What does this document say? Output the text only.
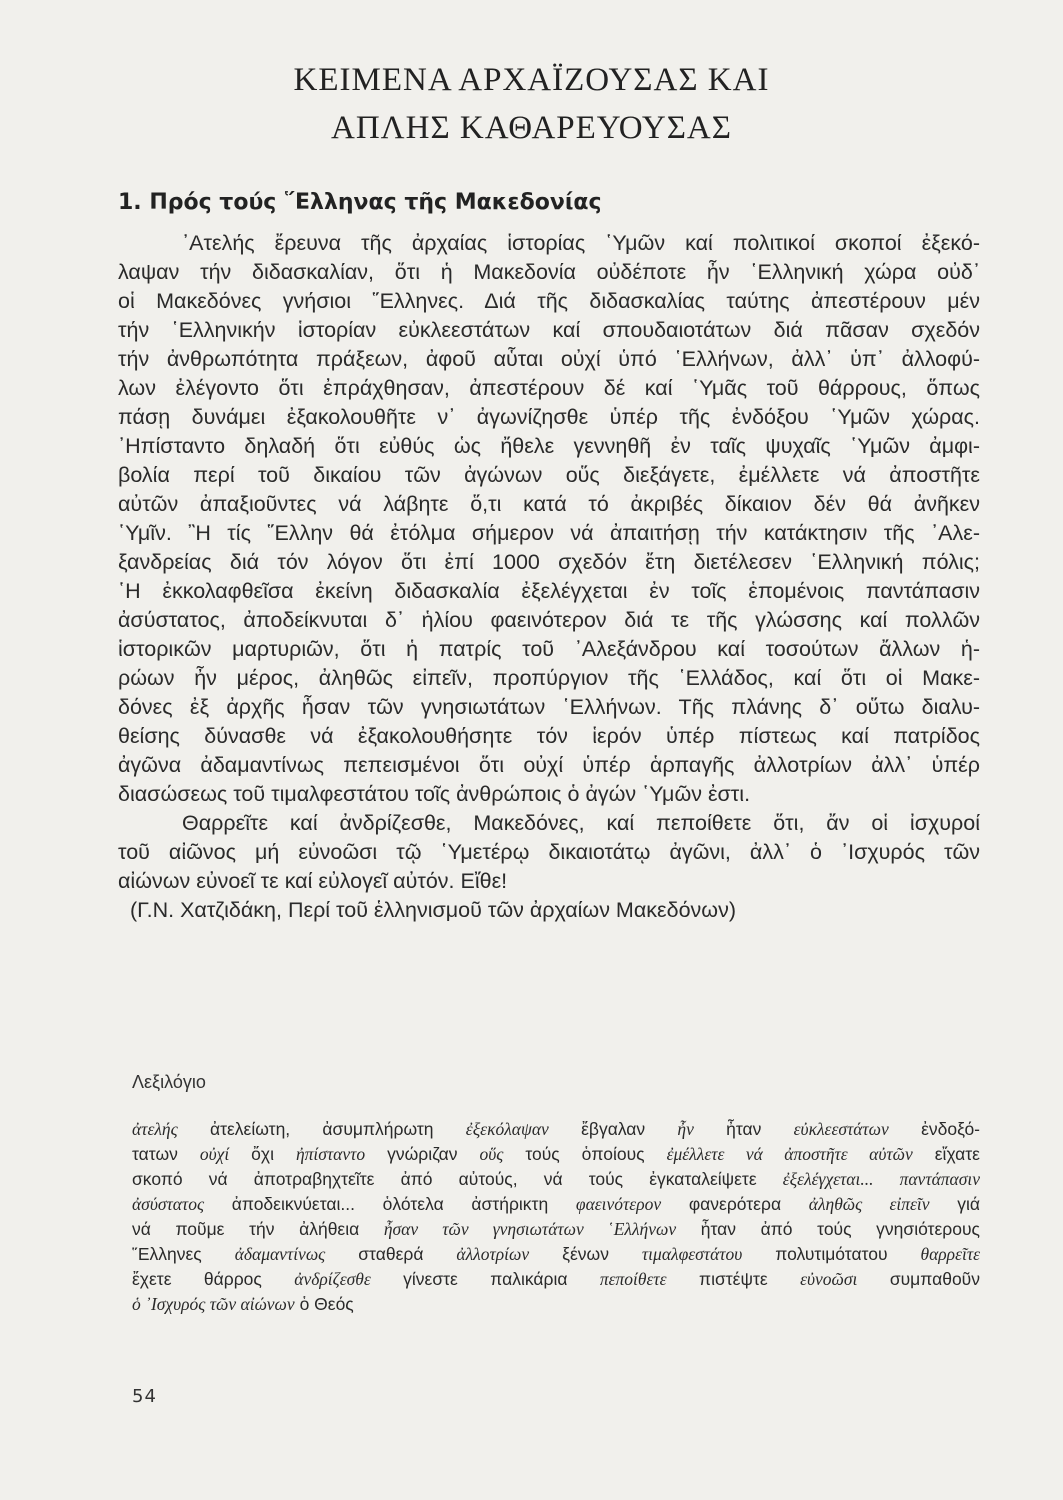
ΚΕΙΜΕΝΑ ΑΡΧΑΪΖΟΥΣΑΣ ΚΑΙ
ΑΠΛΗΣ ΚΑΘΑΡΕΥΟΥΣΑΣ
1. Πρός τούς ῞Ελληνας τῆς Μακεδονίας
᾿Ατελής ἔρευνα τῆς ἀρχαίας ἱστορίας ῾Υμῶν καί πολιτικοί σκοποί ἐξεκό-
λαψαν τήν διδασκαλίαν, ὅτι ἡ Μακεδονία οὐδέποτε ἦν ῾Ελληνική χώρα οὐδ᾿
οἱ Μακεδόνες γνήσιοι ῞Ελληνες. Διά τῆς διδασκαλίας ταύτης ἀπεστέρουν μέν
τήν ῾Ελληνικήν ἱστορίαν εὐκλεεστάτων καί σπουδαιοτάτων διά πᾶσαν σχεδόν
τήν ἀνθρωπότητα πράξεων, ἀφοῦ αὗται οὐχί ὑπό ῾Ελλήνων, ἀλλ᾿ ὑπ᾿ ἀλλοφύ-
λων ἐλέγοντο ὅτι ἐπράχθησαν, ἀπεστέρουν δέ καί ῾Υμᾶς τοῦ θάρρους, ὅπως
πάσῃ δυνάμει ἐξακολουθῆτε ν᾿ ἀγωνίζησθε ὑπέρ τῆς ἐνδόξου ῾Υμῶν χώρας.
᾿Ηπίσταντο δηλαδή ὅτι εὐθύς ὡς ἤθελε γεννηθῆ ἐν ταῖς ψυχαῖς ῾Υμῶν ἀμφι-
βολία περί τοῦ δικαίου τῶν ἀγώνων οὕς διεξάγετε, ἐμέλλετε νά ἀποστῆτε
αὐτῶν ἀπαξιοῦντες νά λάβητε ὅ,τι κατά τό ἀκριβές δίκαιον δέν θά ἀνῆκεν
῾Υμῖν. ῍Η τίς ῞Ελλην θά ἐτόλμα σήμερον νά ἀπαιτήσῃ τήν κατάκτησιν τῆς ᾿Αλε-
ξανδρείας διά τόν λόγον ὅτι ἐπί 1000 σχεδόν ἔτη διετέλεσεν ῾Ελληνική πόλις;
῾Η ἐκκολαφθεῖσα ἐκείνη διδασκαλία ἐξελέγχεται ἐν τοῖς ἑπομένοις παντάπασιν
ἀσύστατος, ἀποδείκνυται δ᾿ ἡλίου φαεινότερον διά τε τῆς γλώσσης καί πολλῶν
ἱστορικῶν μαρτυριῶν, ὅτι ἡ πατρίς τοῦ ᾿Αλεξάνδρου καί τοσούτων ἄλλων ἡ-
ρώων ἦν μέρος, ἀληθῶς εἰπεῖν, προπύργιον τῆς ῾Ελλάδος, καί ὅτι οἱ Μακε-
δόνες ἐξ ἀρχῆς ἦσαν τῶν γνησιωτάτων ῾Ελλήνων. Τῆς πλάνης δ᾿ οὕτω διαλυ-
θείσης δύνασθε νά ἐξακολουθήσητε τόν ἱερόν ὑπέρ πίστεως καί πατρίδος
ἀγῶνα ἀδαμαντίνως πεπεισμένοι ὅτι οὐχί ὑπέρ ἁρπαγῆς ἀλλοτρίων ἀλλ᾿ ὑπέρ
διασώσεως τοῦ τιμαλφεστάτου τοῖς ἀνθρώποις ὁ ἀγών ῾Υμῶν ἐστι.
Θαρρεῖτε καί ἀνδρίζεσθε, Μακεδόνες, καί πεποίθετε ὅτι, ἄν οἱ ἰσχυροί
τοῦ αἰῶνος μή εὐνοῶσι τῷ ῾Υμετέρῳ δικαιοτάτῳ ἀγῶνι, ἀλλ᾿ ὁ ᾿Ισχυρός τῶν
αἰώνων εὐνοεῖ τε καί εὐλογεῖ αὐτόν. Εἴθε!
(Γ.Ν. Χατζιδάκη, Περί τοῦ ἑλληνισμοῦ τῶν ἀρχαίων Μακεδόνων)
Λεξιλόγιο
ἀτελής ἀτελείωτη, ἀσυμπλήρωτη ἐξεκόλαψαν ἔβγαλαν ἦν ἦταν εὐκλεεστάτων ἐνδοξό-
τατων οὐχί ὄχι ἠπίσταντο γνώριζαν οὕς τούς ὁποίους ἐμέλλετε νά ἀποστῆτε αὐτῶν εἴχατε
σκοπό νά ἀποτραβηχτεῖτε ἀπό αὐτούς, νά τούς ἐγκαταλείψετε ἐξελέγχεται... παντάπασιν
ἀσύστατος ἀποδεικνύεται... ὁλότελα ἀστήρικτη φαεινότερον φανερότερα ἀληθῶς εἰπεῖν γιά
νά ποῦμε τήν ἀλήθεια ἦσαν τῶν γνησιωτάτων ῾Ελλήνων ἦταν ἀπό τούς γνησιότερους
῞Ελληνες ἀδαμαντίνως σταθερά ἀλλοτρίων ξένων τιμαλφεστάτου πολυτιμότατου θαρρεῖτε
ἔχετε θάρρος ἀνδρίζεσθε γίνεστε παλικάρια πεποίθετε πιστέψτε εὐνοῶσι συμπαθοῦν
ὁ ᾿Ισχυρός τῶν αἰώνων ὁ Θεός
54
